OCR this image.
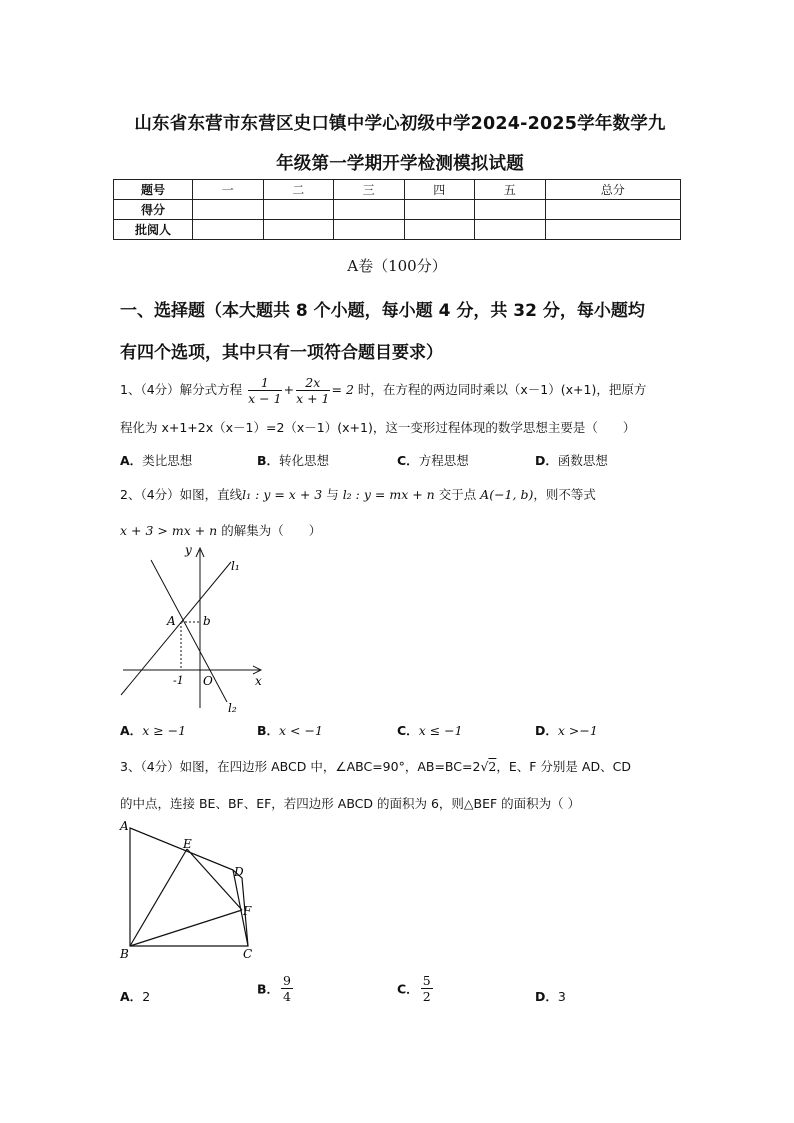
山东省东营市东营区史口镇中学心初级中学2024-2025学年数学九
年级第一学期开学检测模拟试题
题号	一	二	三	四	五	总分
得分						
批阅人						
A卷（100分）
一、选择题（本大题共 8 个小题，每小题 4 分，共 32 分，每小题均
有四个选项，其中只有一项符合题目要求）
1、（4分）解分式方程 $\frac{1}{x - 1} + \frac{2x}{x + 1} = 2$ 时，在方程的两边同时乘以（x－1）(x+1)，把原方
程化为 x+1+2x（x－1）=2（x－1）(x+1)，这一变形过程体现的数学思想主要是（　　）
A．类比思想	B．转化思想	C．方程思想	D．函数思想
2、（4分）如图，直线l₁ : y = x + 3 与 l₂ : y = mx + n 交于点 A(−1, b)，则不等式
x + 3 > mx + n 的解集为（　　）
y
x
l₁
l₂
A b
-1 O
A．x ≥ −1	B．x < −1	C．x ≤ −1	D．x >−1
3、（4分）如图，在四边形 ABCD 中，∠ABC=90°，AB=BC=2√2，E、F 分别是 AD、CD
的中点，连接 BE、BF、EF，若四边形 ABCD 的面积为 6，则△BEF 的面积为（ ）
A
B	C
D
E
F
A．2	B． $\frac{9}{4}$	C． $\frac{5}{2}$	D．3
